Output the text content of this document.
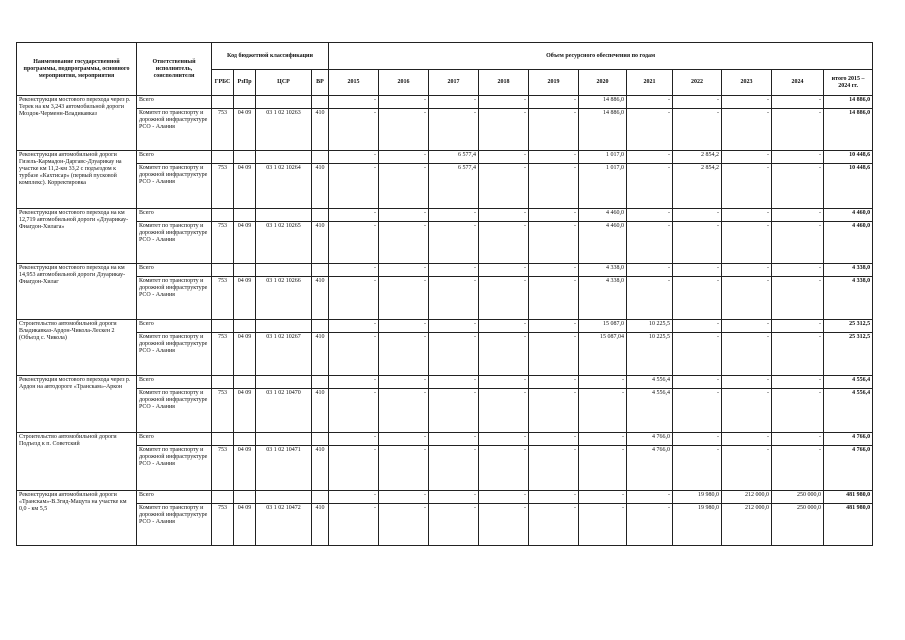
Наименование государственной программы, подпрограммы, основного мероприятия, мероприятия	Ответственный исполнитель, соисполнители	Код бюджетной классификации				Объем ресурсного обеспечения по годам										
		ГРБС	РзПр	ЦСР	ВР	2015	2016	2017	2018	2019	2020	2021	2022	2023	2024	итого 2015 – 2024 гг.
Реконструкция мостового перехода через р. Терек на км 3,243 автомобильной дороги Моздок-Черменн-Владикавказ	Всего					-	-	-	-	-	14 886,0	-	-	-	-	14 886,0
	Комитет по транспорту и дорожной инфраструктуре РСО - Алания	753	04 09	03 1 02 10263	410	-	-	-	-	-	14 886,0	-	-	-	-	14 886,0
Реконструкция автомобильной дороги Гизель-Кармадон-Даргавс-Дзуарикау на участке км 11,2-км 33,2 с подъездом к турбазе «Кахтисар» (первый пусковой комплекс). Корректировка	Всего					-	-	6 577,4	-	-	1 017,0	-	2 854,2	-	-	10 448,6
	Комитет по транспорту и дорожной инфраструктуре РСО - Алания	753	04 09	03 1 02 10264	410	-	-	6 577,4	-	-	1 017,0	-	2 854,2	-	-	10 448,6
Реконструкция мостового перехода на км 12,719 автомобильной дороги «Дзуарикау-Фиагдон-Хилага»	Всего					-	-	-	-	-	4 460,0	-	-	-	-	4 460,0
	Комитет по транспорту и дорожной инфраструктуре РСО - Алания	753	04 09	03 1 02 10265	410	-	-	-	-	-	4 460,0	-	-	-	-	4 460,0
Реконструкция мостового перехода на км 14,953 автомобильной дороги Дзуарикау-Фиагдон-Хилаг	Всего					-	-	-	-	-	4 338,0	-	-	-	-	4 338,0
	Комитет по транспорту и дорожной инфраструктуре РСО - Алания	753	04 09	03 1 02 10266	410	-	-	-	-	-	4 338,0	-	-	-	-	4 338,0
Строительство автомобильной дороги Владикавказ-Ардон-Чикола-Лескен 2 (Объезд с. Чикола)	Всего					-	-	-	-	-	15 087,0	10 225,5	-	-	-	25 312,5
	Комитет по транспорту и дорожной инфраструктуре РСО - Алания	753	04 09	03 1 02 10267	410	-	-	-	-	-	15 087,04	10 225,5	-	-	-	25 312,5
Реконструкция мостового перехода через р. Ардон на автодороге «Транскам»-Аркон	Всего					-	-	-	-	-	-	4 556,4	-	-	-	4 556,4
	Комитет по транспорту и дорожной инфраструктуре РСО - Алания	753	04 09	03 1 02 10470	410	-	-	-	-	-	-	4 556,4	-	-	-	4 556,4
Строительство автомобильной дороги Подъезд к п. Советский	Всего					-	-	-	-	-	-	4 766,0	-	-	-	4 766,0
	Комитет по транспорту и дорожной инфраструктуре РСО - Алания	753	04 09	03 1 02 10471	410	-	-	-	-	-	-	4 766,0	-	-	-	4 766,0
Реконструкция автомобильной дороги «Транскам»-В.Згид-Мацута на участке км 0,0 - км 5,5	Всего					-	-	-	-	-	-	-	19 980,0	212 000,0	250 000,0	481 980,0
	Комитет по транспорту и дорожной инфраструктуре РСО - Алания	753	04 09	03 1 02 10472	410	-	-	-	-	-	-	-	19 980,0	212 000,0	250 000,0	481 980,0
